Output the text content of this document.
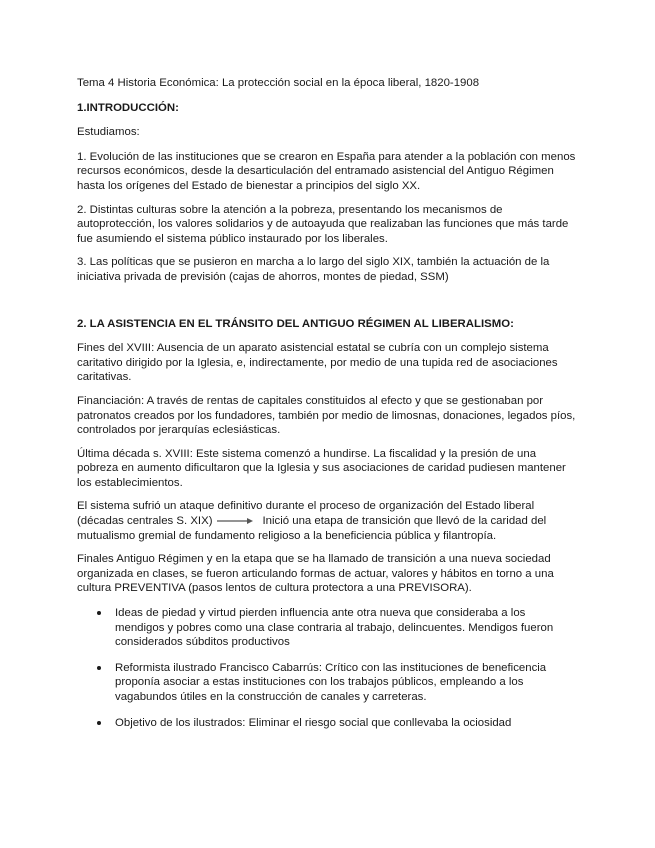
Tema 4 Historia Económica: La protección social en la época liberal, 1820-1908

1.INTRODUCCIÓN:

Estudiamos:

1. Evolución de las instituciones que se crearon en España para atender a la población con menos recursos económicos, desde la desarticulación del entramado asistencial del Antiguo Régimen hasta los orígenes del Estado de bienestar a principios del siglo XX.

2. Distintas culturas sobre la atención a la pobreza, presentando los mecanismos de autoprotección, los valores solidarios y de autoayuda que realizaban las funciones que más tarde fue asumiendo el sistema público instaurado por los liberales.

3. Las políticas que se pusieron en marcha a lo largo del siglo XIX, también la actuación de la iniciativa privada de previsión (cajas de ahorros, montes de piedad, SSM)

2. LA ASISTENCIA EN EL TRÁNSITO DEL ANTIGUO RÉGIMEN AL LIBERALISMO:

Fines del XVIII: Ausencia de un aparato asistencial estatal se cubría con un complejo sistema caritativo dirigido por la Iglesia, e, indirectamente, por medio de una tupida red de asociaciones caritativas.

Financiación: A través de rentas de capitales constituidos al efecto y que se gestionaban por patronatos creados por los fundadores, también por medio de limosnas, donaciones, legados píos, controlados por jerarquías eclesiásticas.

Última década s. XVIII: Este sistema comenzó a hundirse. La fiscalidad y la presión de una pobreza en aumento dificultaron que la Iglesia y sus asociaciones de caridad pudiesen mantener los establecimientos.

El sistema sufrió un ataque definitivo durante el proceso de organización del Estado liberal (décadas centrales S. XIX)	Inició una etapa de transición que llevó de la caridad del mutualismo gremial de fundamento religioso a la beneficiencia pública y filantropía.

Finales Antiguo Régimen y en la etapa que se ha llamado de transición a una nueva sociedad organizada en clases, se fueron articulando formas de actuar, valores y hábitos en torno a una cultura PREVENTIVA (pasos lentos de cultura protectora a una PREVISORA).

Ideas de piedad y virtud pierden influencia ante otra nueva que consideraba a los mendigos y pobres como una clase contraria al trabajo, delincuentes. Mendigos fueron considerados súbditos productivos
Reformista ilustrado Francisco Cabarrús: Crítico con las instituciones de beneficencia proponía asociar a estas instituciones con los trabajos públicos, empleando a los vagabundos útiles en la construcción de canales y carreteras.
Objetivo de los ilustrados: Eliminar el riesgo social que conllevaba la ociosidad
